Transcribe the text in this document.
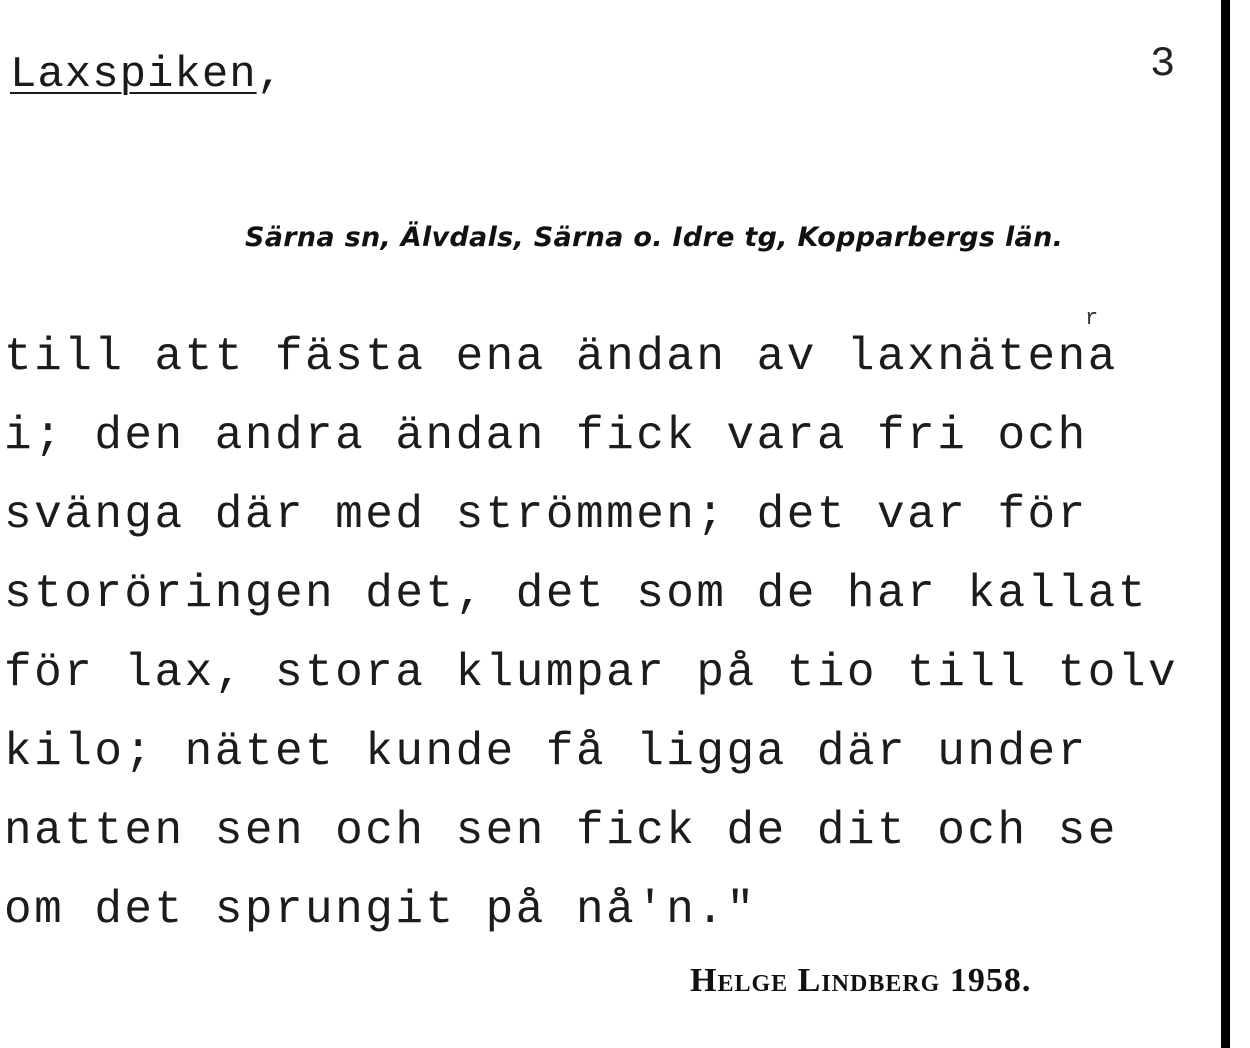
Laxspiken,	3
Särna sn, Älvdals, Särna o. Idre tg, Kopparbergs län.
r
till att fästa ena ändan av laxnätena
i; den andra ändan fick vara fri och
svänga där med strömmen; det var för
storöringen det, det som de har kallat
för lax, stora klumpar på tio till tolv
kilo; nätet kunde få ligga där under
natten sen och sen fick de dit och se
om det sprungit på nå'n."
Helge Lindberg 1958.
